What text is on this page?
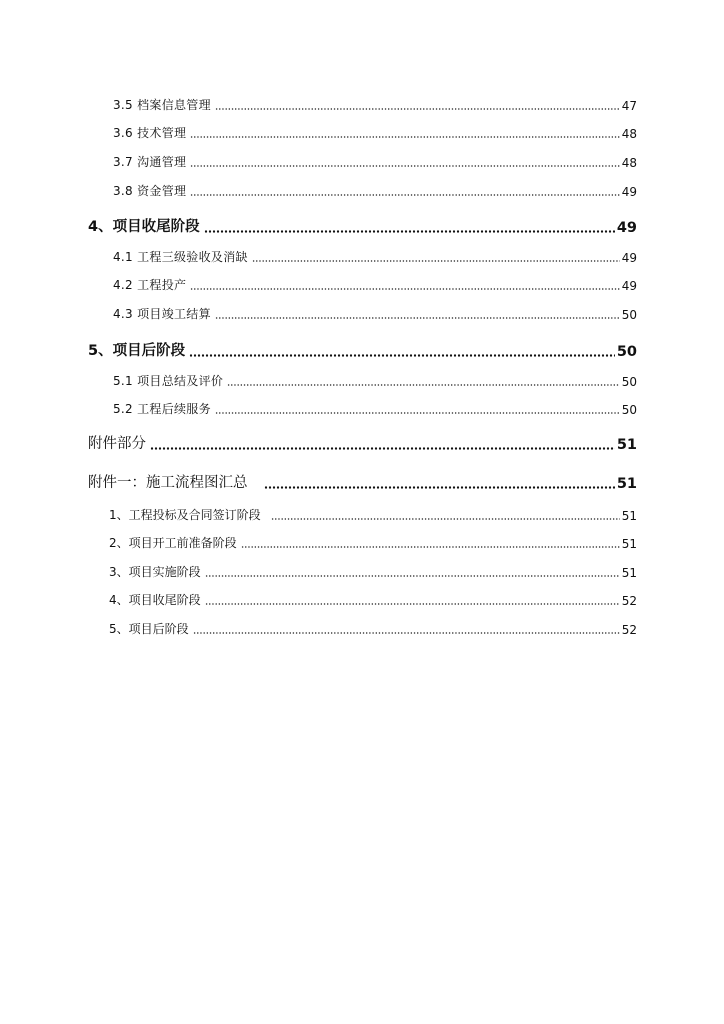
3.5 档案信息管理	47
3.6 技术管理	48
3.7 沟通管理	48
3.8 资金管理	49
4、项目收尾阶段	49
4.1 工程三级验收及消缺	49
4.2 工程投产	49
4.3 项目竣工结算	50
5、项目后阶段	50
5.1 项目总结及评价	50
5.2 工程后续服务	50
附件部分	51
附件一：施工流程图汇总	51
1、工程投标及合同签订阶段	51
2、项目开工前准备阶段	51
3、项目实施阶段	51
4、项目收尾阶段	52
5、项目后阶段	52
